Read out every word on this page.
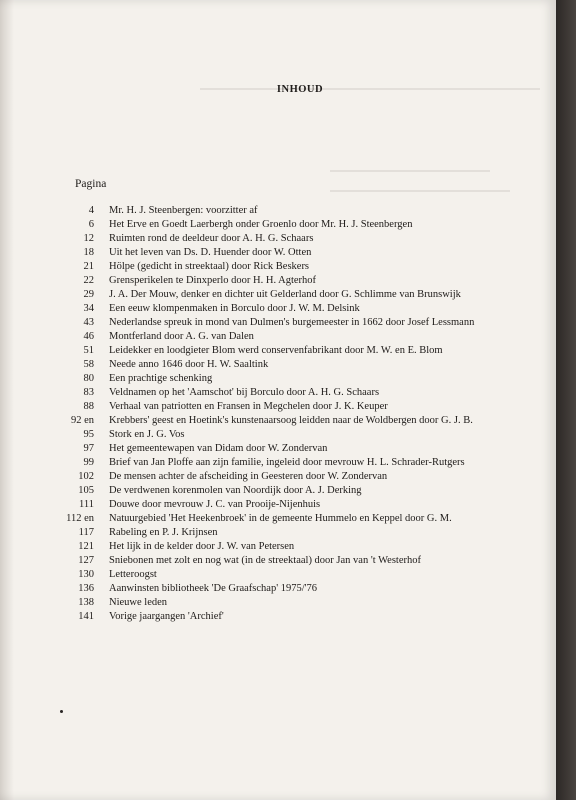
INHOUD
Pagina
4	Mr. H. J. Steenbergen: voorzitter af
6	Het Erve en Goedt Laerbergh onder Groenlo door Mr. H. J. Steenbergen
12	Ruimten rond de deeldeur door A. H. G. Schaars
18	Uit het leven van Ds. D. Huender door W. Otten
21	Hölpe (gedicht in streektaal) door Rick Beskers
22	Grensperikelen te Dinxperlo door H. H. Agterhof
29	J. A. Der Mouw, denker en dichter uit Gelderland door G. Schlimme van Brunswijk
34	Een eeuw klompenmaken in Borculo door J. W. M. Delsink
43	Nederlandse spreuk in mond van Dulmen's burgemeester in 1662 door Josef Lessmann
46	Montferland door A. G. van Dalen
51	Leidekker en loodgieter Blom werd conservenfabrikant door M. W. en E. Blom
58	Neede anno 1646 door H. W. Saaltink
80	Een prachtige schenking
83	Veldnamen op het 'Aamschot' bij Borculo door A. H. G. Schaars
88	Verhaal van patriotten en Fransen in Megchelen door J. K. Keuper
92 en	Krebbers' geest en Hoetink's kunstenaarsoog leidden naar de Woldbergen door G. J. B.
95	Stork en J. G. Vos
97	Het gemeentewapen van Didam door W. Zondervan
99	Brief van Jan Ploffe aan zijn familie, ingeleid door mevrouw H. L. Schrader-Rutgers
102	De mensen achter de afscheiding in Geesteren door W. Zondervan
105	De verdwenen korenmolen van Noordijk door A. J. Derking
111	Douwe door mevrouw J. C. van Prooije-Nijenhuis
112 en	Natuurgebied 'Het Heekenbroek' in de gemeente Hummelo en Keppel door G. M.
117	Rabeling en P. J. Krijnsen
121	Het lijk in de kelder door J. W. van Petersen
127	Sniebonen met zolt en nog wat (in de streektaal) door Jan van 't Westerhof
130	Letteroogst
136	Aanwinsten bibliotheek 'De Graafschap' 1975/'76
138	Nieuwe leden
141	Vorige jaargangen 'Archief'
